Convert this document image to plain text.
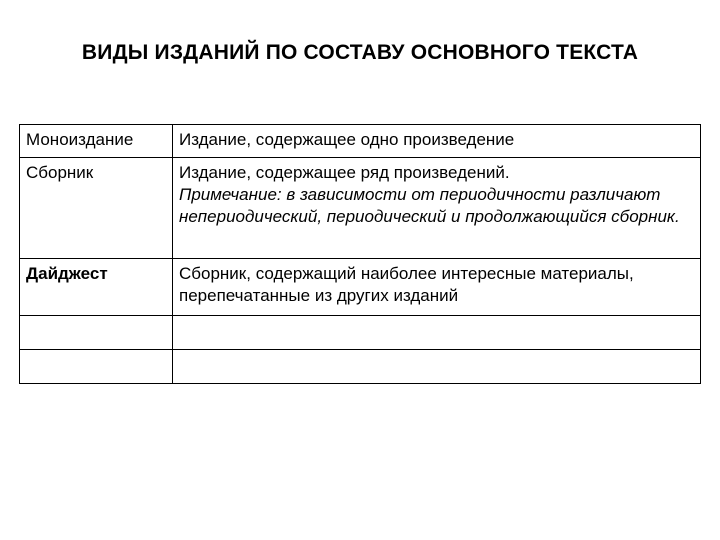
ВИДЫ ИЗДАНИЙ ПО СОСТАВУ ОСНОВНОГО ТЕКСТА
Моноиздание	Издание, содержащее одно произведение
Сборник	Издание, содержащее ряд произведений.
Примечание: в зависимости от периодичности различают непериодический, периодический и продолжающийся сборник.

Дайджест	Сборник, содержащий наиболее интересные материалы, перепечатанные из других изданий
